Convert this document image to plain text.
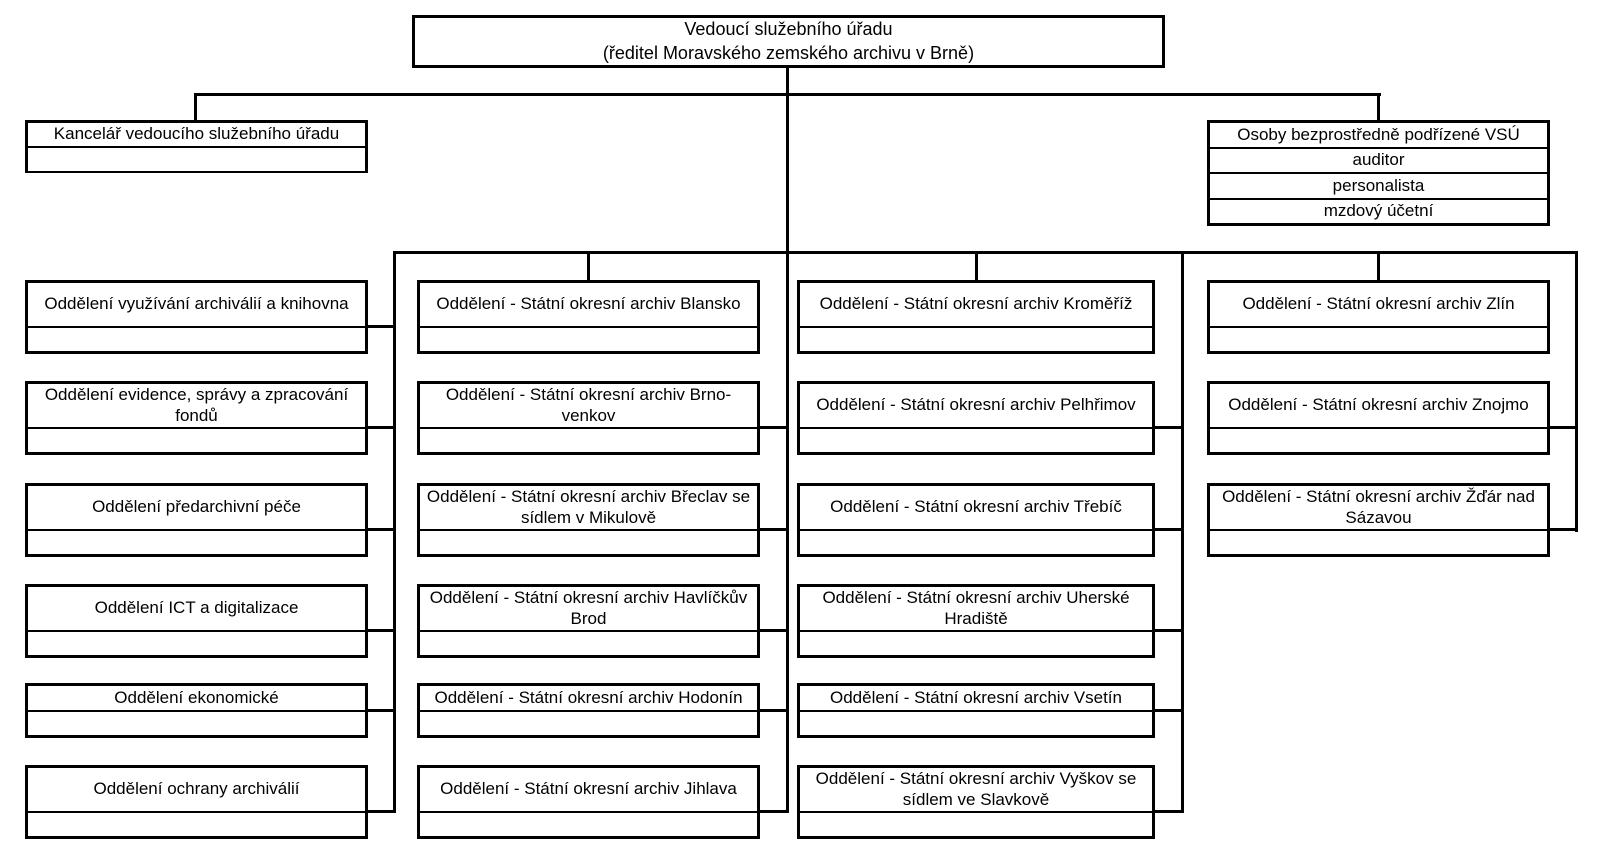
Vedoucí služebního úřadu
(ředitel Moravského zemského archivu v Brně)
Kancelář vedoucího služebního úřadu	Osoby bezprostředně podřízené VSÚ
auditor
personalista
mzdový účetní
Oddělení využívání archiválií a knihovna
Oddělení evidence, správy a zpracování fondů
Oddělení předarchivní péče
Oddělení ICT a digitalizace
Oddělení ekonomické
Oddělení ochrany archiválií
Oddělení - Státní okresní archiv Blansko
Oddělení - Státní okresní archiv Brno-venkov
Oddělení - Státní okresní archiv Břeclav se sídlem v Mikulově
Oddělení - Státní okresní archiv Havlíčkův Brod
Oddělení - Státní okresní archiv Hodonín
Oddělení - Státní okresní archiv Jihlava
Oddělení - Státní okresní archiv Kroměříž
Oddělení - Státní okresní archiv Pelhřimov
Oddělení - Státní okresní archiv Třebíč
Oddělení - Státní okresní archiv Uherské Hradiště
Oddělení - Státní okresní archiv Vsetín
Oddělení - Státní okresní archiv Vyškov se sídlem ve Slavkově
Oddělení - Státní okresní archiv Zlín
Oddělení - Státní okresní archiv Znojmo
Oddělení - Státní okresní archiv Žďár nad Sázavou
